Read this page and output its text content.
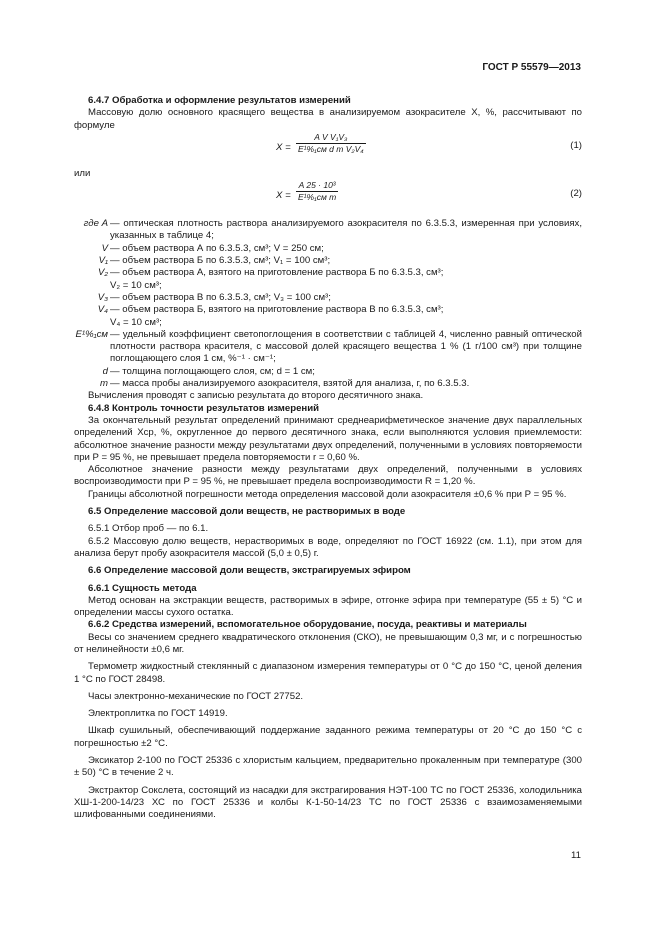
ГОСТ Р 55579—2013

6.4.7 Обработка и оформление результатов измерений

Массовую долю основного красящего вещества в анализируемом азокрасителе X, %, рассчитывают по формуле

X =
A V V₁V₃
E¹%₁см d m V₂V₄	(1)

или

X =
A 25 · 10³
E¹%₁см m	(2)
где A — оптическая плотность раствора анализируемого азокрасителя по 6.3.5.3, измеренная при условиях, указанных в таблице 4;
V — объем раствора А по 6.3.5.3, см³; V = 250 см;
V₁ — объем раствора Б по 6.3.5.3, см³; V₁ = 100 см³;
V₂ — объем раствора А, взятого на приготовление раствора Б по 6.3.5.3, см³;
V₂ = 10 см³;
V₃ — объем раствора В по 6.3.5.3, см³; V₃ = 100 см³;
V₄ — объем раствора Б, взятого на приготовление раствора В по 6.3.5.3, см³;
V₄ = 10 см³;
E¹%₁см — удельный коэффициент светопоглощения в соответствии с таблицей 4, численно равный оптической плотности раствора красителя, с массовой долей красящего вещества 1 % (1 г/100 см³) при толщине поглощающего слоя 1 см, %⁻¹ · см⁻¹;
d — толщина поглощающего слоя, см; d = 1 см;
m — масса пробы анализируемого азокрасителя, взятой для анализа, г, по 6.3.5.3.

Вычисления проводят с записью результата до второго десятичного знака.

6.4.8 Контроль точности результатов измерений

За окончательный результат определений принимают среднеарифметическое значение двух параллельных определений Xср, %, округленное до первого десятичного знака, если выполняются условия приемлемости: абсолютное значение разности между результатами двух определений, полученными в условиях повторяемости при P = 95 %, не превышает предела повторяемости r = 0,60 %.

Абсолютное значение разности между результатами двух определений, полученными в условиях воспроизводимости при P = 95 %, не превышает предела воспроизводимости R = 1,20 %.

Границы абсолютной погрешности метода определения массовой доли азокрасителя ±0,6 % при P = 95 %.

6.5 Определение массовой доли веществ, не растворимых в воде

6.5.1 Отбор проб — по 6.1.

6.5.2 Массовую долю веществ, нерастворимых в воде, определяют по ГОСТ 16922 (см. 1.1), при этом для анализа берут пробу азокрасителя массой (5,0 ± 0,5) г.

6.6 Определение массовой доли веществ, экстрагируемых эфиром

6.6.1 Сущность метода

Метод основан на экстракции веществ, растворимых в эфире, отгонке эфира при температуре (55 ± 5) °С и определении массы сухого остатка.

6.6.2 Средства измерений, вспомогательное оборудование, посуда, реактивы и материалы

Весы со значением среднего квадратического отклонения (СКО), не превышающим 0,3 мг, и с погрешностью от нелинейности ±0,6 мг.

Термометр жидкостный стеклянный с диапазоном измерения температуры от 0 °С до 150 °С, ценой деления 1 °С по ГОСТ 28498.

Часы электронно-механические по ГОСТ 27752.

Электроплитка по ГОСТ 14919.

Шкаф сушильный, обеспечивающий поддержание заданного режима температуры от 20 °С до 150 °С с погрешностью ±2 °С.

Эксикатор 2-100 по ГОСТ 25336 с хлористым кальцием, предварительно прокаленным при температуре (300 ± 50) °С в течение 2 ч.

Экстрактор Сокслета, состоящий из насадки для экстрагирования НЭТ-100 ТС по ГОСТ 25336, холодильника ХШ-1-200-14/23 ХС по ГОСТ 25336 и колбы К-1-50-14/23 ТС по ГОСТ 25336 с взаимозаменяемыми шлифованными соединениями.

11
